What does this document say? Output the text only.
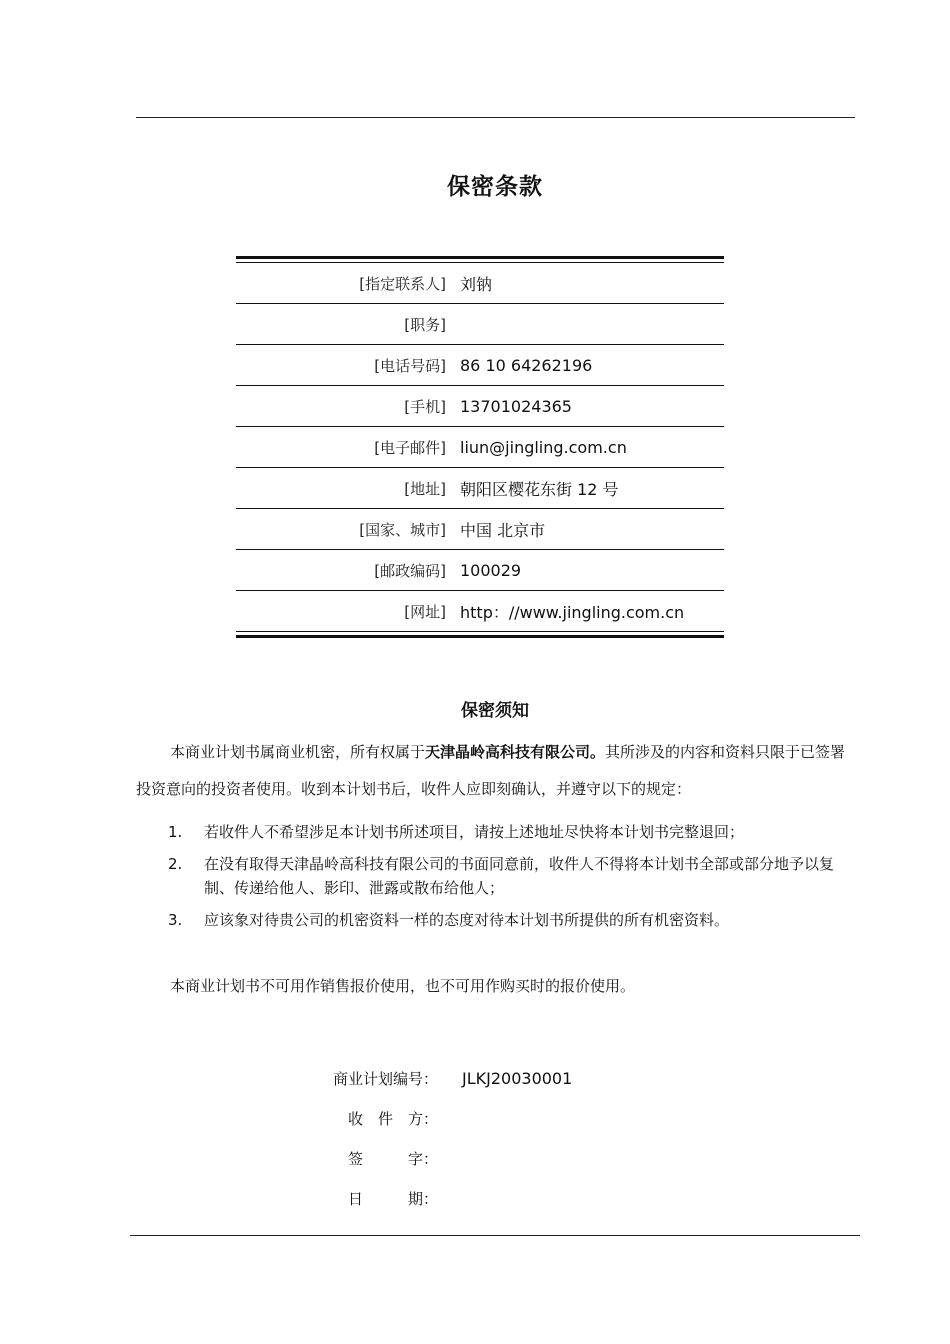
保密条款
[指定联系人] 刘钠
[职务]
[电话号码] 86 10 64262196
[手机] 13701024365
[电子邮件] liun@jingling.com.cn
[地址] 朝阳区樱花东街 12 号
[国家、城市] 中国 北京市
[邮政编码] 100029
[网址] http：//www.jingling.com.cn
保密须知
本商业计划书属商业机密，所有权属于天津晶岭高科技有限公司。其所涉及的内容和资料只限于已签署投资意向的投资者使用。收到本计划书后，收件人应即刻确认，并遵守以下的规定：
1.	若收件人不希望涉足本计划书所述项目，请按上述地址尽快将本计划书完整退回；
2.	在没有取得天津晶岭高科技有限公司的书面同意前，收件人不得将本计划书全部或部分地予以复制、传递给他人、影印、泄露或散布给他人；
3.	应该象对待贵公司的机密资料一样的态度对待本计划书所提供的所有机密资料。
本商业计划书不可用作销售报价使用，也不可用作购买时的报价使用。
商业计划编号：	JLKJ20030001
收　件　方：
签　　　字：
日　　　期：
